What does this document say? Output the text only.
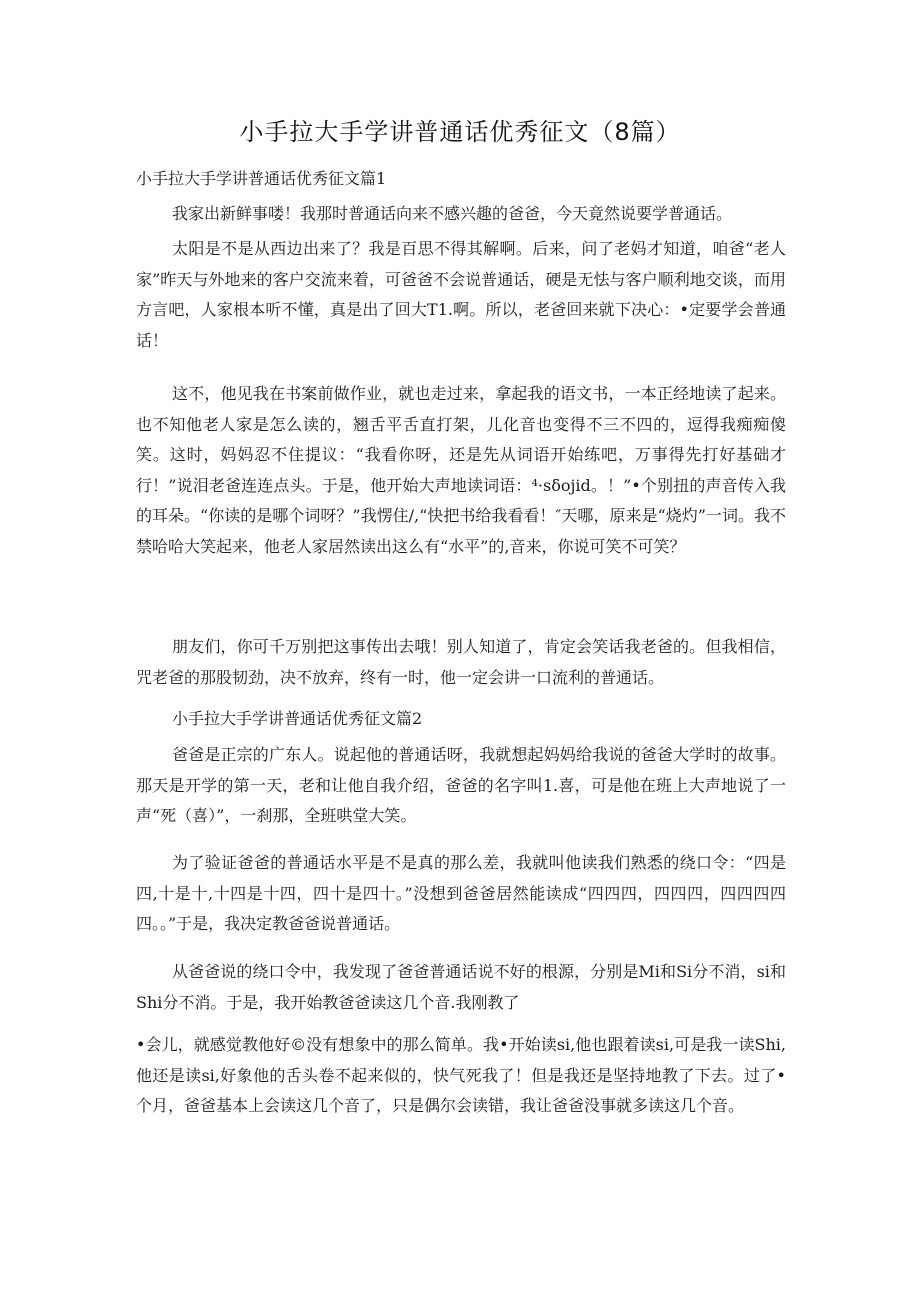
小手拉大手学讲普通话优秀征文（8篇）
小手拉大手学讲普通话优秀征文篇1

我家出新鲜事喽！我那时普通话向来不感兴趣的爸爸，今天竟然说要学普通话。

太阳是不是从西边出来了？我是百思不得其解啊。后来，问了老妈才知道，咱爸“老人家”昨天与外地来的客户交流来着，可爸爸不会说普通话，硬是无怯与客户顺利地交谈，而用方言吧，人家根本听不懂，真是出了回大T1.啊。所以，老爸回来就下决心：•定要学会普通话！

这不，他见我在书案前做作业，就也走过来，拿起我的语文书，一本正经地读了起来。也不知他老人家是怎么读的，翘舌平舌直打架，儿化音也变得不三不四的，逗得我痴痴傻笑。这时，妈妈忍不住提议：“我看你呀，还是先从词语开始练吧，万事得先打好基础才行！”说泪老爸连连点头。于是，他开始大声地读词语：⁴·sδojid。！”•个别扭的声音传入我的耳朵。“你读的是哪个词呀？”我愣住/,“快把书给我看看！″天哪，原来是“烧灼”一词。我不禁哈哈大笑起来，他老人家居然读出这么有“水平”的,音来，你说可笑不可笑？

朋友们，你可千万别把这事传出去哦！别人知道了，肯定会笑话我老爸的。但我相信，咒老爸的那股韧劲，决不放弃，终有一时，他一定会讲一口流利的普通话。

小手拉大手学讲普通话优秀征文篇2

爸爸是正宗的广东人。说起他的普通话呀，我就想起妈妈给我说的爸爸大学时的故事。那天是开学的第一天，老和让他自我介绍，爸爸的名字叫1.喜，可是他在班上大声地说了一声“死（喜）”，一刹那，全班哄堂大笑。

为了验证爸爸的普通话水平是不是真的那么差，我就叫他读我们熟悉的绕口令：“四是四,十是十,十四是十四，四十是四十。”没想到爸爸居然能读成“四四四，四四四，四四四四四。。”于是，我决定教爸爸说普通话。

从爸爸说的绕口令中，我发现了爸爸普通话说不好的根源，分别是Mi和Si分不消，si和Shi分不消。于是，我开始教爸爸读这几个音.我刚教了

•会儿，就感觉教他好©没有想象中的那么简单。我•开始读si,他也跟着读si,可是我一读Shi,他还是读si,好象他的舌头卷不起来似的，快气死我了！但是我还是坚持地教了下去。过了•个月，爸爸基本上会读这几个音了，只是偶尔会读错，我让爸爸没事就多读这几个音。
